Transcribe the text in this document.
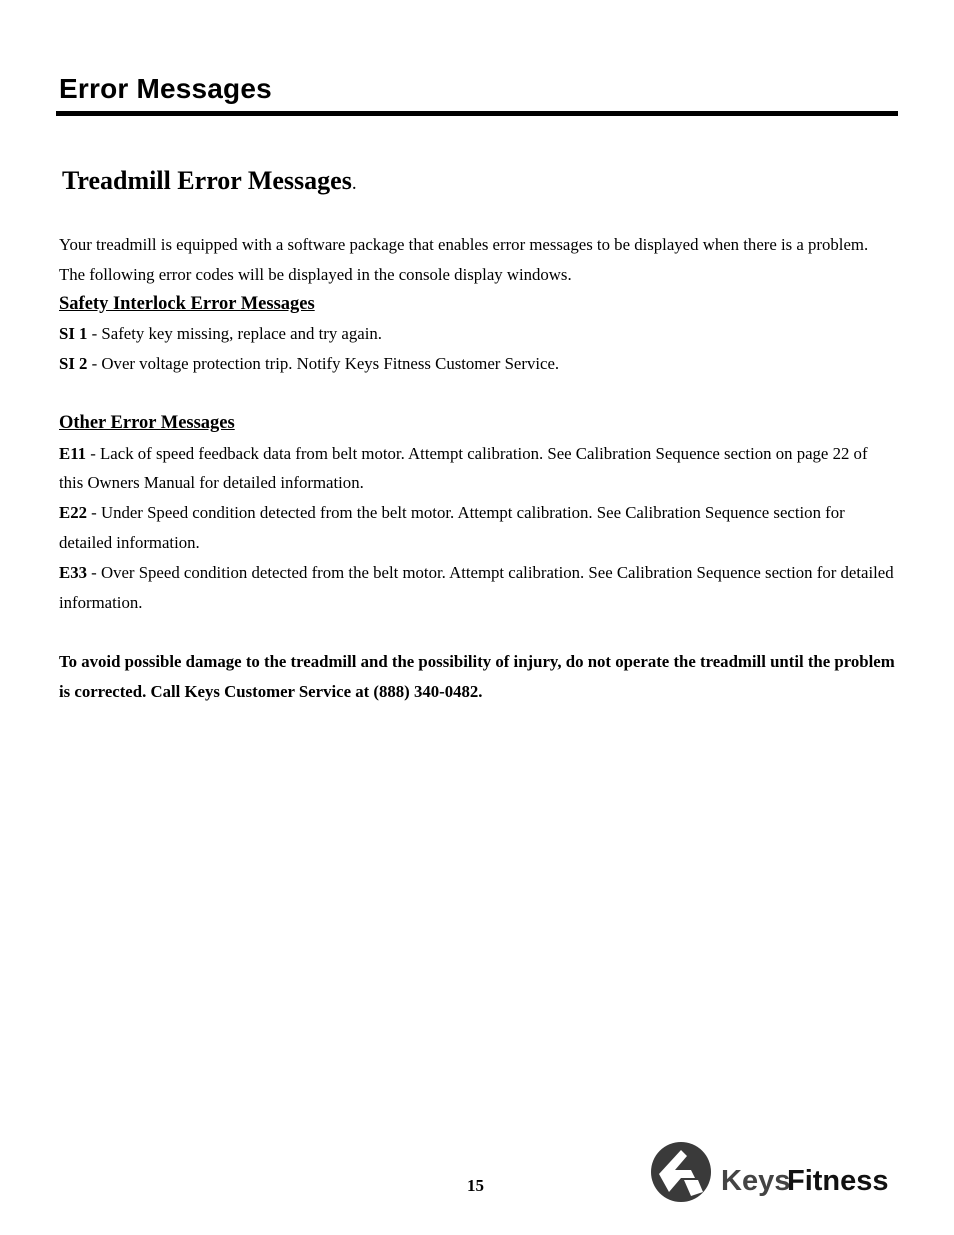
Error Messages
Treadmill Error Messages.

Your treadmill is equipped with a software package that enables error messages to be displayed when there is a problem. The following error codes will be displayed in the console display windows.

Safety Interlock Error Messages

SI 1 - Safety key missing, replace and try again.

SI 2 - Over voltage protection trip. Notify Keys Fitness Customer Service.

Other Error Messages

E11 - Lack of speed feedback data from belt motor. Attempt calibration. See Calibration Sequence section on page 22 of this Owners Manual for detailed information.

E22 - Under Speed condition detected from the belt motor. Attempt calibration. See Calibration Sequence section for detailed information.

E33 - Over Speed condition detected from the belt motor. Attempt calibration. See Calibration Sequence section for detailed information.

To avoid possible damage to the treadmill and the possibility of injury, do not operate the treadmill until the problem is corrected. Call Keys Customer Service at (888) 340-0482.

15	Keys
Fitness
